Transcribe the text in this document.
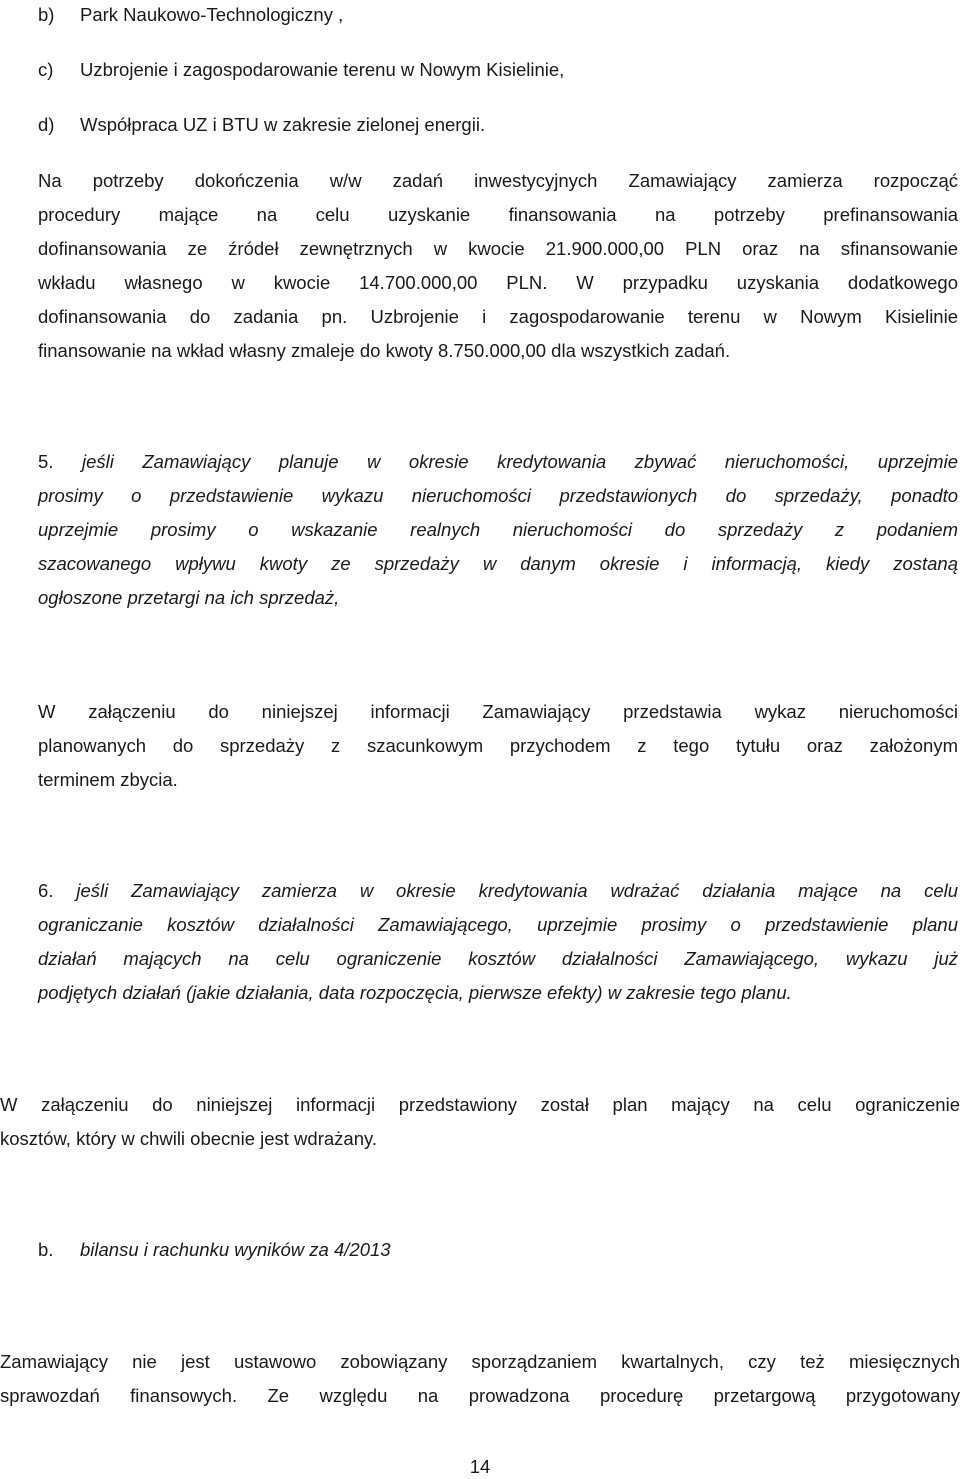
b) Park Naukowo-Technologiczny ,
c) Uzbrojenie i zagospodarowanie terenu w Nowym Kisielinie,
d) Współpraca UZ i BTU w zakresie zielonej energii.

Na potrzeby dokończenia w/w zadań inwestycyjnych Zamawiający zamierza rozpocząć

procedury mające na celu uzyskanie finansowania na potrzeby prefinansowania

dofinansowania ze źródeł zewnętrznych w kwocie 21.900.000,00 PLN oraz na sfinansowanie

wkładu własnego w kwocie 14.700.000,00 PLN. W przypadku uzyskania dodatkowego

dofinansowania do zadania pn. Uzbrojenie i zagospodarowanie terenu w Nowym Kisielinie

finansowanie na wkład własny zmaleje do kwoty 8.750.000,00 dla wszystkich zadań.

5. jeśli Zamawiający planuje w okresie kredytowania zbywać nieruchomości, uprzejmie

prosimy o przedstawienie wykazu nieruchomości przedstawionych do sprzedaży, ponadto

uprzejmie prosimy o wskazanie realnych nieruchomości do sprzedaży z podaniem

szacowanego wpływu kwoty ze sprzedaży w danym okresie i informacją, kiedy zostaną

ogłoszone przetargi na ich sprzedaż,

W załączeniu do niniejszej informacji Zamawiający przedstawia wykaz nieruchomości

planowanych do sprzedaży z szacunkowym przychodem z tego tytułu oraz założonym

terminem zbycia.

6. jeśli Zamawiający zamierza w okresie kredytowania wdrażać działania mające na celu

ograniczanie kosztów działalności Zamawiającego, uprzejmie prosimy o przedstawienie planu

działań mających na celu ograniczenie kosztów działalności Zamawiającego, wykazu już

podjętych działań (jakie działania, data rozpoczęcia, pierwsze efekty) w zakresie tego planu.

W załączeniu do niniejszej informacji przedstawiony został plan mający na celu ograniczenie

kosztów, który w chwili obecnie jest wdrażany.

b. bilansu i rachunku wyników za 4/2013

Zamawiający nie jest ustawowo zobowiązany sporządzaniem kwartalnych, czy też miesięcznych

sprawozdań finansowych. Ze względu na prowadzona procedurę przetargową przygotowany

14
